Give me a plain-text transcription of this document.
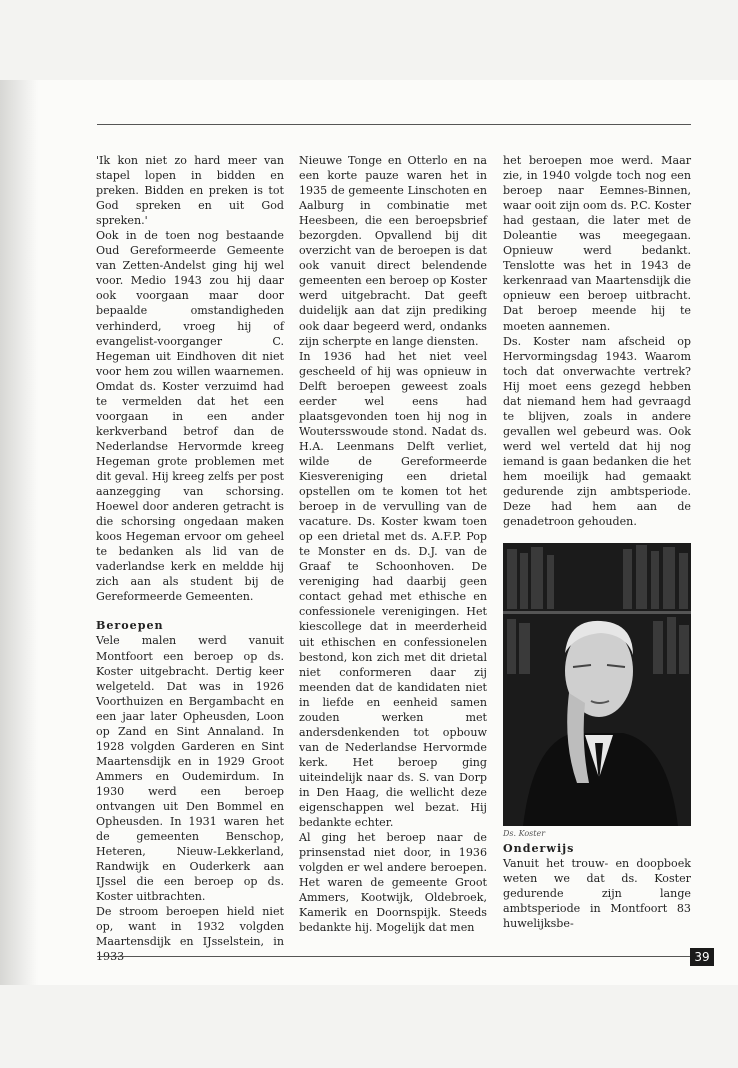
'Ik kon niet zo hard meer van stapel lopen in bidden en preken. Bidden en preken is tot God spreken en uit God spreken.'

Ook in de toen nog bestaande Oud Gereformeerde Gemeente van Zetten-Andelst ging hij wel voor. Medio 1943 zou hij daar ook voorgaan maar door bepaalde omstandigheden verhinderd, vroeg hij of evangelist-voorganger C. Hegeman uit Eindhoven dit niet voor hem zou willen waarnemen. Omdat ds. Koster verzuimd had te vermelden dat het een voorgaan in een ander kerkverband betrof dan de Nederlandse Hervormde kreeg Hegeman grote problemen met dit geval. Hij kreeg zelfs per post aanzegging van schorsing. Hoewel door anderen getracht is die schorsing ongedaan maken koos Hegeman ervoor om geheel te bedanken als lid van de vaderlandse kerk en meldde hij zich aan als student bij de Gereformeerde Gemeenten.

Beroepen

Vele malen werd vanuit Montfoort een beroep op ds. Koster uitgebracht. Dertig keer welgeteld. Dat was in 1926 Voorthuizen en Bergambacht en een jaar later Opheusden, Loon op Zand en Sint Annaland. In 1928 volgden Garderen en Sint Maartensdijk en in 1929 Groot Ammers en Oudemirdum. In 1930 werd een beroep ontvangen uit Den Bommel en Opheusden. In 1931 waren het de gemeenten Benschop, Heteren, Nieuw-Lekkerland, Randwijk en Ouderkerk aan IJssel die een beroep op ds. Koster uitbrachten.

De stroom beroepen hield niet op, want in 1932 volgden Maartensdijk en IJsselstein, in

Nieuwe Tonge en Otterlo en na een korte pauze waren het in 1935 de gemeente Linschoten en Aalburg in combinatie met Heesbeen, die een beroepsbrief bezorgden. Opvallend bij dit overzicht van de beroepen is dat ook vanuit direct belendende gemeenten een beroep op Koster werd uitgebracht. Dat geeft duidelijk aan dat zijn prediking ook daar begeerd werd, ondanks zijn scherpte en lange diensten.

In 1936 had het niet veel gescheeld of hij was opnieuw in Delft beroepen geweest zoals eerder wel eens had plaatsgevonden toen hij nog in Woutersswoude stond. Nadat ds. H.A. Leenmans Delft verliet, wilde de Gereformeerde Kiesvereniging een drietal opstellen om te komen tot het beroep in de vervulling van de vacature. Ds. Koster kwam toen op een drietal met ds. A.F.P. Pop te Monster en ds. D.J. van de Graaf te Schoonhoven. De vereniging had daarbij geen contact gehad met ethische en confessionele verenigingen. Het kiescollege dat in meerderheid uit ethischen en confessionelen bestond, kon zich met dit drietal niet conformeren daar zij meenden dat de kandidaten niet in liefde en eenheid samen zouden werken met andersdenkenden tot opbouw van de Nederlandse Hervormde kerk. Het beroep ging uiteindelijk naar ds. S. van Dorp in Den Haag, die wellicht deze eigenschappen wel bezat. Hij bedankte echter.

Al ging het beroep naar de prinsenstad niet door, in 1936 volgden er wel andere beroepen. Het waren de gemeente Groot Ammers, Kootwijk, Oldebroek, Kamerik en Doornspijk. Steeds bedankte hij. Mogelijk dat men

het beroepen moe werd. Maar zie, in 1940 volgde toch nog een beroep naar Eemnes-Binnen, waar ooit zijn oom ds. P.C. Koster had gestaan, die later met de Doleantie was meegegaan. Opnieuw werd bedankt. Tenslotte was het in 1943 de kerkenraad van Maartensdijk die opnieuw een beroep uitbracht. Dat beroep meende hij te moeten aannemen.

Ds. Koster nam afscheid op Hervormingsdag 1943. Waarom toch dat onverwachte vertrek? Hij moet eens gezegd hebben dat niemand hem had gevraagd te blijven, zoals in andere gevallen wel gebeurd was. Ook werd wel verteld dat hij nog iemand is gaan bedanken die het hem moeilijk had gemaakt gedurende zijn ambtsperiode. Deze had hem aan de genadetroon gehouden.

Ds. Koster

Onderwijs

Vanuit het trouw- en doopboek weten we dat ds. Koster gedurende zijn lange ambtsperiode in Montfoort 83 huwelijksbe-

39
